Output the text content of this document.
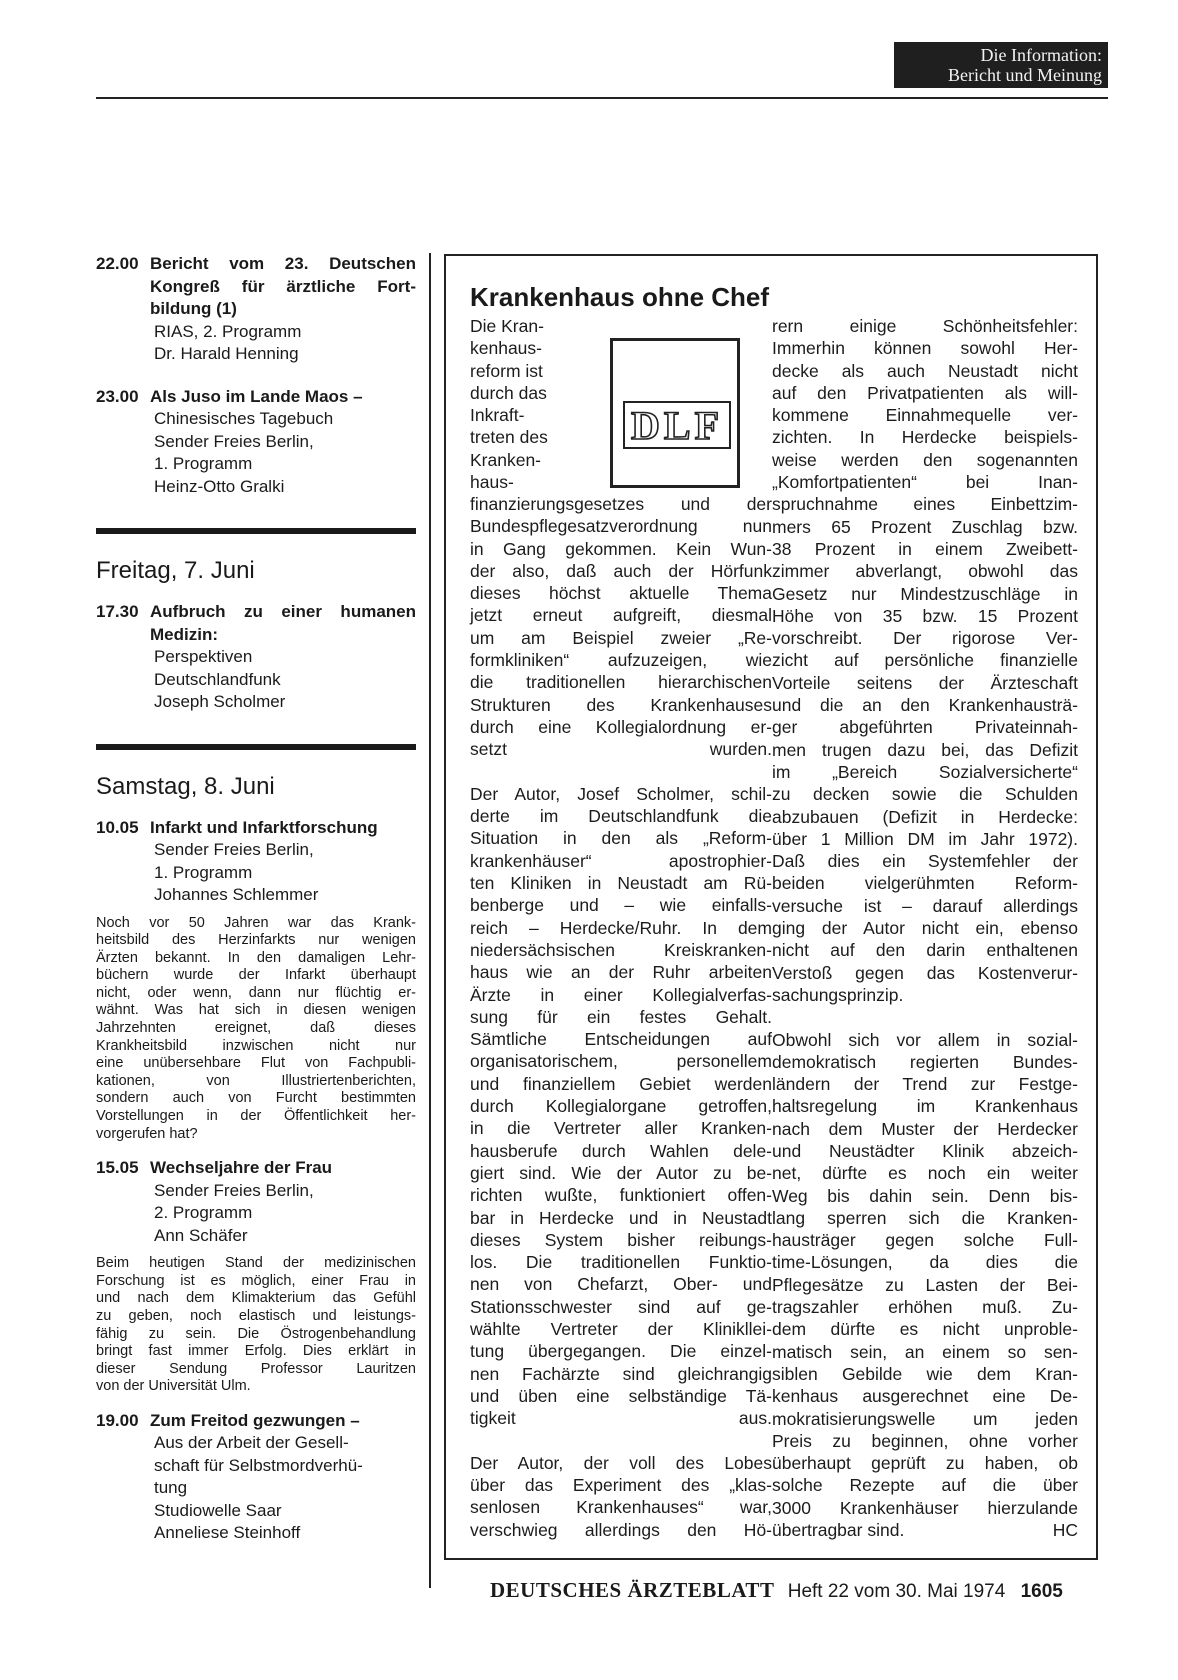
Die Information:
Bericht und Meinung
22.00 Bericht vom 23. Deutschen
Kongreß für ärztliche Fort-
bildung (1)
RIAS, 2. Programm
Dr. Harald Henning
23.00 Als Juso im Lande Maos –
Chinesisches Tagebuch
Sender Freies Berlin,
1. Programm
Heinz-Otto Gralki
Freitag, 7. Juni
17.30 Aufbruch zu einer humanen
Medizin:
Perspektiven
Deutschlandfunk
Joseph Scholmer
Samstag, 8. Juni
10.05 Infarkt und Infarktforschung
Sender Freies Berlin,
1. Programm
Johannes Schlemmer
Noch vor 50 Jahren war das Krank-
heitsbild des Herzinfarkts nur wenigen
Ärzten bekannt. In den damaligen Lehr-
büchern wurde der Infarkt überhaupt
nicht, oder wenn, dann nur flüchtig er-
wähnt. Was hat sich in diesen wenigen
Jahrzehnten ereignet, daß dieses
Krankheitsbild inzwischen nicht nur
eine unübersehbare Flut von Fachpubli-
kationen, von Illustriertenberichten,
sondern auch von Furcht bestimmten
Vorstellungen in der Öffentlichkeit her-
vorgerufen hat?
15.05 Wechseljahre der Frau
Sender Freies Berlin,
2. Programm
Ann Schäfer
Beim heutigen Stand der medizinischen
Forschung ist es möglich, einer Frau in
und nach dem Klimakterium das Gefühl
zu geben, noch elastisch und leistungs-
fähig zu sein. Die Östrogenbehandlung
bringt fast immer Erfolg. Dies erklärt in
dieser Sendung Professor Lauritzen
von der Universität Ulm.
19.00 Zum Freitod gezwungen –
Aus der Arbeit der Gesell-
schaft für Selbstmordverhü-
tung
Studiowelle Saar
Anneliese Steinhoff
Krankenhaus ohne Chef
DLF
Die Kran-
kenhaus-
reform ist
durch das
Inkraft-
treten des
Kranken-
haus-
finanzierungsgesetzes und der
Bundespflegesatzverordnung nun
in Gang gekommen. Kein Wun-
der also, daß auch der Hörfunk
dieses höchst aktuelle Thema
jetzt erneut aufgreift, diesmal
um am Beispiel zweier „Re-
formkliniken“ aufzuzeigen, wie
die traditionellen hierarchischen
Strukturen des Krankenhauses
durch eine Kollegialordnung er-
setzt wurden.
Der Autor, Josef Scholmer, schil-
derte im Deutschlandfunk die
Situation in den als „Reform-
krankenhäuser“ apostrophier-
ten Kliniken in Neustadt am Rü-
benberge und – wie einfalls-
reich – Herdecke/Ruhr. In dem
niedersächsischen Kreiskranken-
haus wie an der Ruhr arbeiten
Ärzte in einer Kollegialverfas-
sung für ein festes Gehalt.
Sämtliche Entscheidungen auf
organisatorischem, personellem
und finanziellem Gebiet werden
durch Kollegialorgane getroffen,
in die Vertreter aller Kranken-
hausberufe durch Wahlen dele-
giert sind. Wie der Autor zu be-
richten wußte, funktioniert offen-
bar in Herdecke und in Neustadt
dieses System bisher reibungs-
los. Die traditionellen Funktio-
nen von Chefarzt, Ober- und
Stationsschwester sind auf ge-
wählte Vertreter der Klinikllei-
tung übergegangen. Die einzel-
nen Fachärzte sind gleichrangig
und üben eine selbständige Tä-
tigkeit aus.
Der Autor, der voll des Lobes
über das Experiment des „klas-
senlosen Krankenhauses“ war,
verschwieg allerdings den Hö-
rern einige Schönheitsfehler:
Immerhin können sowohl Her-
decke als auch Neustadt nicht
auf den Privatpatienten als will-
kommene Einnahmequelle ver-
zichten. In Herdecke beispiels-
weise werden den sogenannten
„Komfortpatienten“ bei Inan-
spruchnahme eines Einbettzim-
mers 65 Prozent Zuschlag bzw.
38 Prozent in einem Zweibett-
zimmer abverlangt, obwohl das
Gesetz nur Mindestzuschläge in
Höhe von 35 bzw. 15 Prozent
vorschreibt. Der rigorose Ver-
zicht auf persönliche finanzielle
Vorteile seitens der Ärzteschaft
und die an den Krankenhausträ-
ger abgeführten Privateinnah-
men trugen dazu bei, das Defizit
im „Bereich Sozialversicherte“
zu decken sowie die Schulden
abzubauen (Defizit in Herdecke:
über 1 Million DM im Jahr 1972).
Daß dies ein Systemfehler der
beiden vielgerühmten Reform-
versuche ist – darauf allerdings
ging der Autor nicht ein, ebenso
nicht auf den darin enthaltenen
Verstoß gegen das Kostenverur-
sachungsprinzip.
Obwohl sich vor allem in sozial-
demokratisch regierten Bundes-
ländern der Trend zur Festge-
haltsregelung im Krankenhaus
nach dem Muster der Herdecker
und Neustädter Klinik abzeich-
net, dürfte es noch ein weiter
Weg bis dahin sein. Denn bis-
lang sperren sich die Kranken-
hausträger gegen solche Full-
time-Lösungen, da dies die
Pflegesätze zu Lasten der Bei-
tragszahler erhöhen muß. Zu-
dem dürfte es nicht unproble-
matisch sein, an einem so sen-
siblen Gebilde wie dem Kran-
kenhaus ausgerechnet eine De-
mokratisierungswelle um jeden
Preis zu beginnen, ohne vorher
überhaupt geprüft zu haben, ob
solche Rezepte auf die über
3000 Krankenhäuser hierzulande
übertragbar sind.	HC
DEUTSCHES ÄRZTEBLATT Heft 22 vom 30. Mai 1974 1605
